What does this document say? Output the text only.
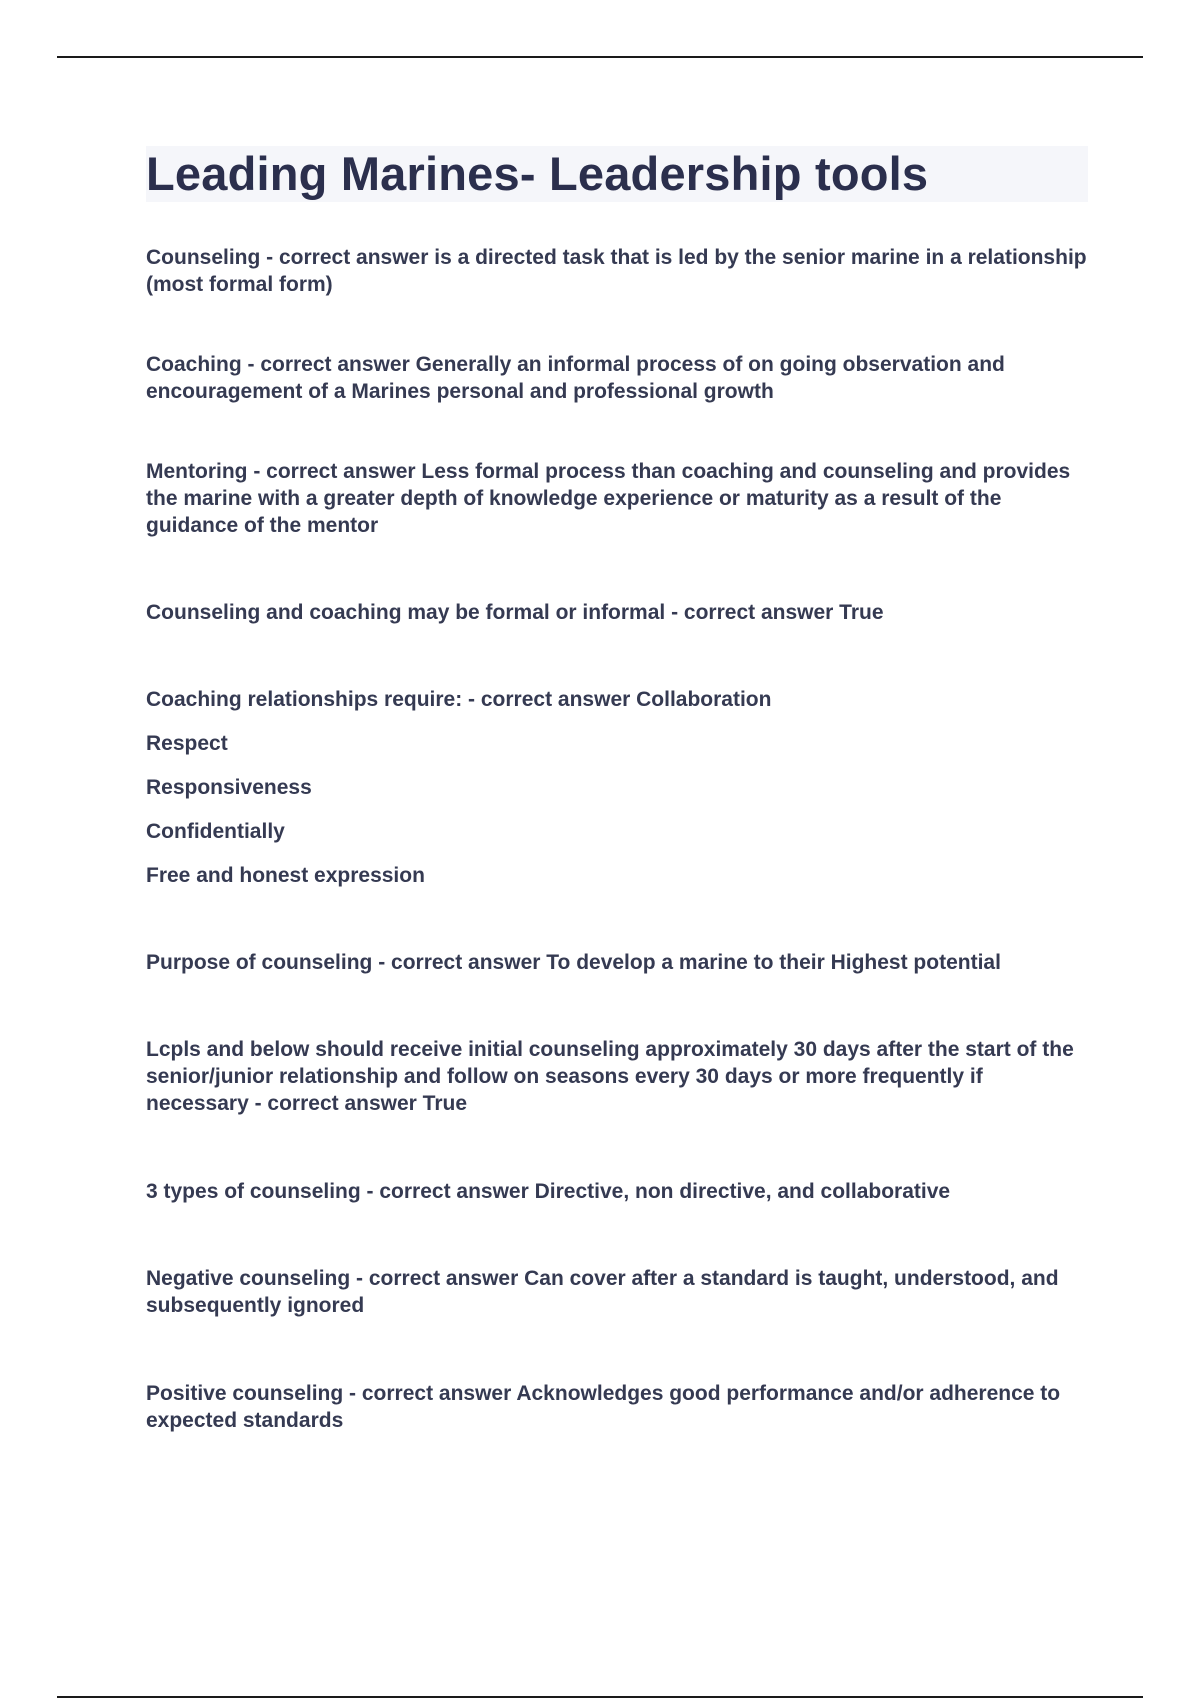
Leading Marines- Leadership tools

Counseling - correct answer is a directed task that is led by the senior marine in a relationship (most formal form)

Coaching - correct answer Generally an informal process of on going observation and encouragement of a Marines personal and professional growth

Mentoring - correct answer Less formal process than coaching and counseling and provides the marine with a greater depth of knowledge experience or maturity as a result of the guidance of the mentor

Counseling and coaching may be formal or informal - correct answer True

Coaching relationships require: - correct answer Collaboration

Respect

Responsiveness

Confidentially

Free and honest expression

Purpose of counseling - correct answer To develop a marine to their Highest potential

Lcpls and below should receive initial counseling approximately 30 days after the start of the senior/junior relationship and follow on seasons every 30 days or more frequently if necessary - correct answer True

3 types of counseling - correct answer Directive, non directive, and collaborative

Negative counseling - correct answer Can cover after a standard is taught, understood, and subsequently ignored

Positive counseling - correct answer Acknowledges good performance and/or adherence to expected standards
